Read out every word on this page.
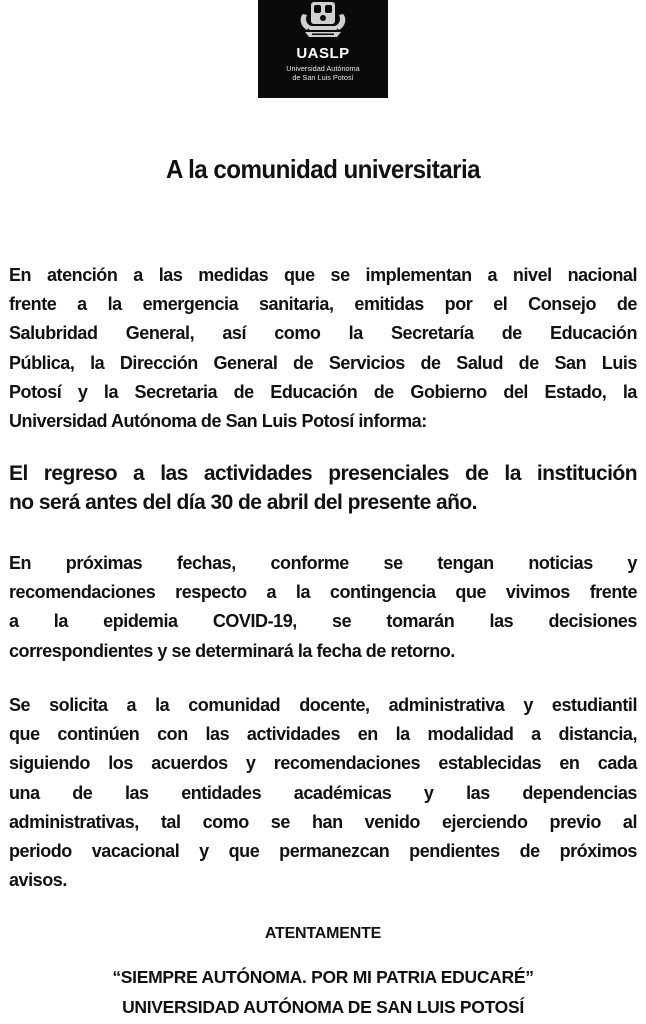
UASLP
Universidad Autónoma
de San Luis Potosí
A la comunidad universitaria
En atención a las medidas que se implementan a nivel nacional
frente a la emergencia sanitaria, emitidas por el Consejo de
Salubridad General, así como la Secretaría de Educación
Pública, la Dirección General de Servicios de Salud de San Luis
Potosí y la Secretaria de Educación de Gobierno del Estado, la
Universidad Autónoma de San Luis Potosí informa:
El regreso a las actividades presenciales de la institución
no será antes del día 30 de abril del presente año.
En próximas fechas, conforme se tengan noticias y
recomendaciones respecto a la contingencia que vivimos frente
a la epidemia COVID-19, se tomarán las decisiones
correspondientes y se determinará la fecha de retorno.
Se solicita a la comunidad docente, administrativa y estudiantil
que continúen con las actividades en la modalidad a distancia,
siguiendo los acuerdos y recomendaciones establecidas en cada
una de las entidades académicas y las dependencias
administrativas, tal como se han venido ejerciendo previo al
periodo vacacional y que permanezcan pendientes de próximos
avisos.
ATENTAMENTE
“SIEMPRE AUTÓNOMA. POR MI PATRIA EDUCARÉ”
UNIVERSIDAD AUTÓNOMA DE SAN LUIS POTOSÍ
